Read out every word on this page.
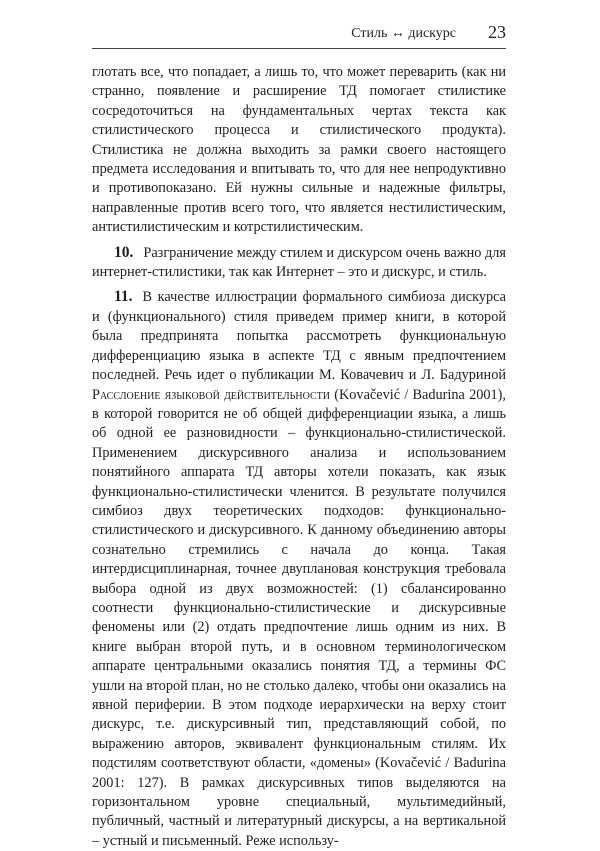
Стиль ↔ дискурс 23

глотать все, что попадает, а лишь то, что может переварить (как ни странно, появление и расширение ТД помогает стилистике сосредоточиться на фундаментальных чертах текста как стилистического процесса и стилистического продукта). Стилистика не должна выходить за рамки своего настоящего предмета исследования и впитывать то, что для нее непродуктивно и противопоказано. Ей нужны сильные и надежные фильтры, направленные против всего того, что является нестилистическим, антистилистическим и котрстилистическим.

10. Разграничение между стилем и дискурсом очень важно для интернет-стилистики, так как Интернет – это и дискурс, и стиль.

11. В качестве иллюстрации формального симбиоза дискурса и (функционального) стиля приведем пример книги, в которой была предпринята попытка рассмотреть функциональную дифференциацию языка в аспекте ТД с явным предпочтением последней. Речь идет о публикации М. Ковачевич и Л. Бадуриной Расслоение языковой действительности (Kovačević / Badurina 2001), в которой говорится не об общей дифференциации языка, а лишь об одной ее разновидности – функционально-стилистической. Применением дискурсивного анализа и использованием понятийного аппарата ТД авторы хотели показать, как язык функционально-стилистически членится. В результате получился симбиоз двух теоретических подходов: функционально-стилистического и дискурсивного. К данному объединению авторы сознательно стремились с начала до конца. Такая интердисциплинарная, точнее двуплановая конструкция требовала выбора одной из двух возможностей: (1) сбалансированно соотнести функционально-стилистические и дискурсивные феномены или (2) отдать предпочтение лишь одним из них. В книге выбран второй путь, и в основном терминологическом аппарате центральными оказались понятия ТД, а термины ФС ушли на второй план, но не столько далеко, чтобы они оказались на явной периферии. В этом подходе иерархически на верху стоит дискурс, т.е. дискурсивный тип, представляющий собой, по выражению авторов, эквивалент функциональным стилям. Их подстилям соответствуют области, «домены» (Kovačević / Badurina 2001: 127). В рамках дискурсивных типов выделяются на горизонтальном уровне специальный, мультимедийный, публичный, частный и литературный дискурсы, а на вертикальной – устный и письменный. Реже использу-
